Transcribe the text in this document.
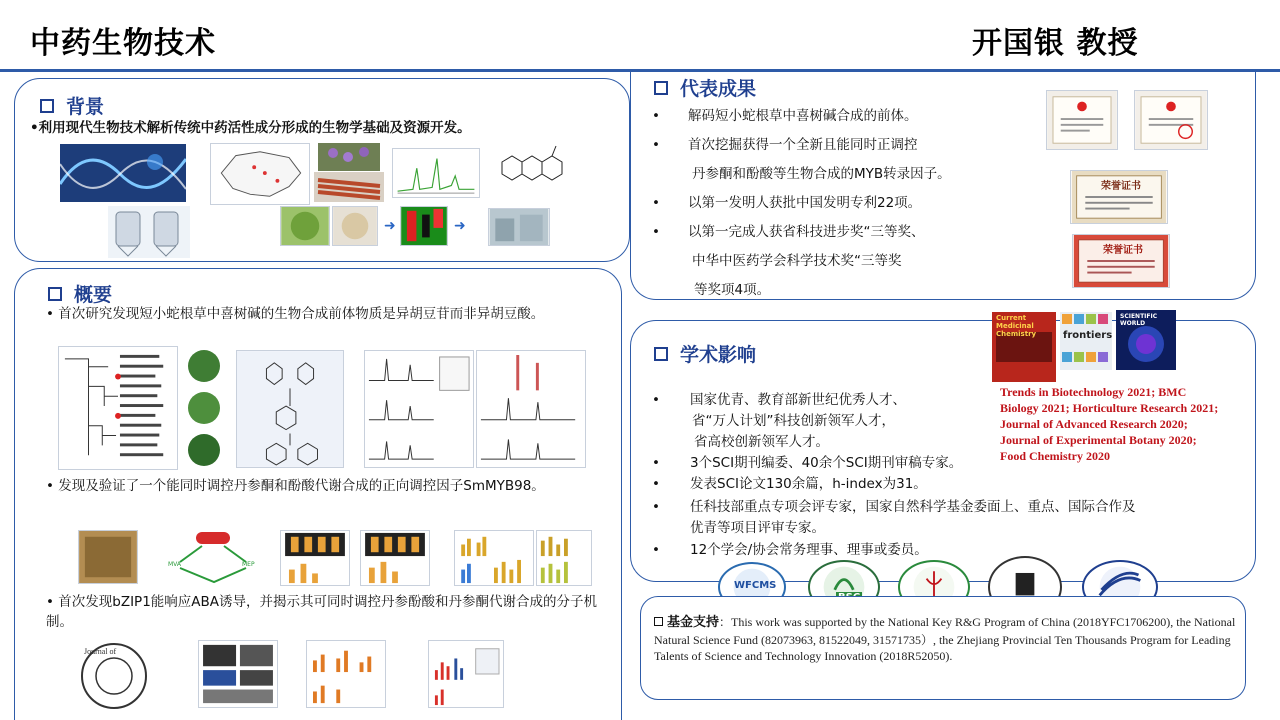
中药生物技术	开国银 教授
背景
•利用现代生物技术解析传统中药活性成分形成的生物学基础及资源开发。
➜
➜
概要
• 首次研究发现短小蛇根草中喜树碱的生物合成前体物质是异胡豆苷而非异胡豆酸。
• 发现及验证了一个能同时调控丹参酮和酚酸代谢合成的正向调控因子SmMYB98。
MVA	MEP
• 首次发现bZIP1能响应ABA诱导，并揭示其可同时调控丹参酚酸和丹参酮代谢合成的分子机制。
Journal of
代表成果
• 解码短小蛇根草中喜树碱合成的前体。
• 首次挖掘获得一个全新且能同时正调控
丹参酮和酚酸等生物合成的MYB转录因子。
• 以第一发明人获批中国发明专利22项。
• 以第一完成人获省科技进步奖“三等奖、
中华中医药学会科学技术奖“三等奖
等奖项4项。
荣誉证书
荣誉证书
学术影响
Current Medicinal Chemistry	frontiers
SCIENTIFIC WORLD
• 国家优青、教育部新世纪优秀人才、
省“万人计划”科技创新领军人才，
省高校创新领军人才。
• 3个SCI期刊编委、40余个SCI期刊审稿专家。
• 发表SCI论文130余篇，h-index为31。
• 任科技部重点专项会评专家，国家自然科学基金委面上、重点、国际合作及
优青等项目评审专家。
• 12个学会/协会常务理事、理事或委员。
Trends in Biotechnology 2021; BMC
Biology 2021; Horticulture Research 2021;
Journal of Advanced Research 2020;
Journal of Experimental Botany 2020;
Food Chemistry 2020
WFCMS
基金支持：This work was supported by the National Key R&G Program of China (2018YFC1706200), the National Natural Science Fund (82073963, 81522049, 31571735）, the Zhejiang Provincial Ten Thousands Program for Leading Talents of Science and Technology Innovation (2018R52050).
